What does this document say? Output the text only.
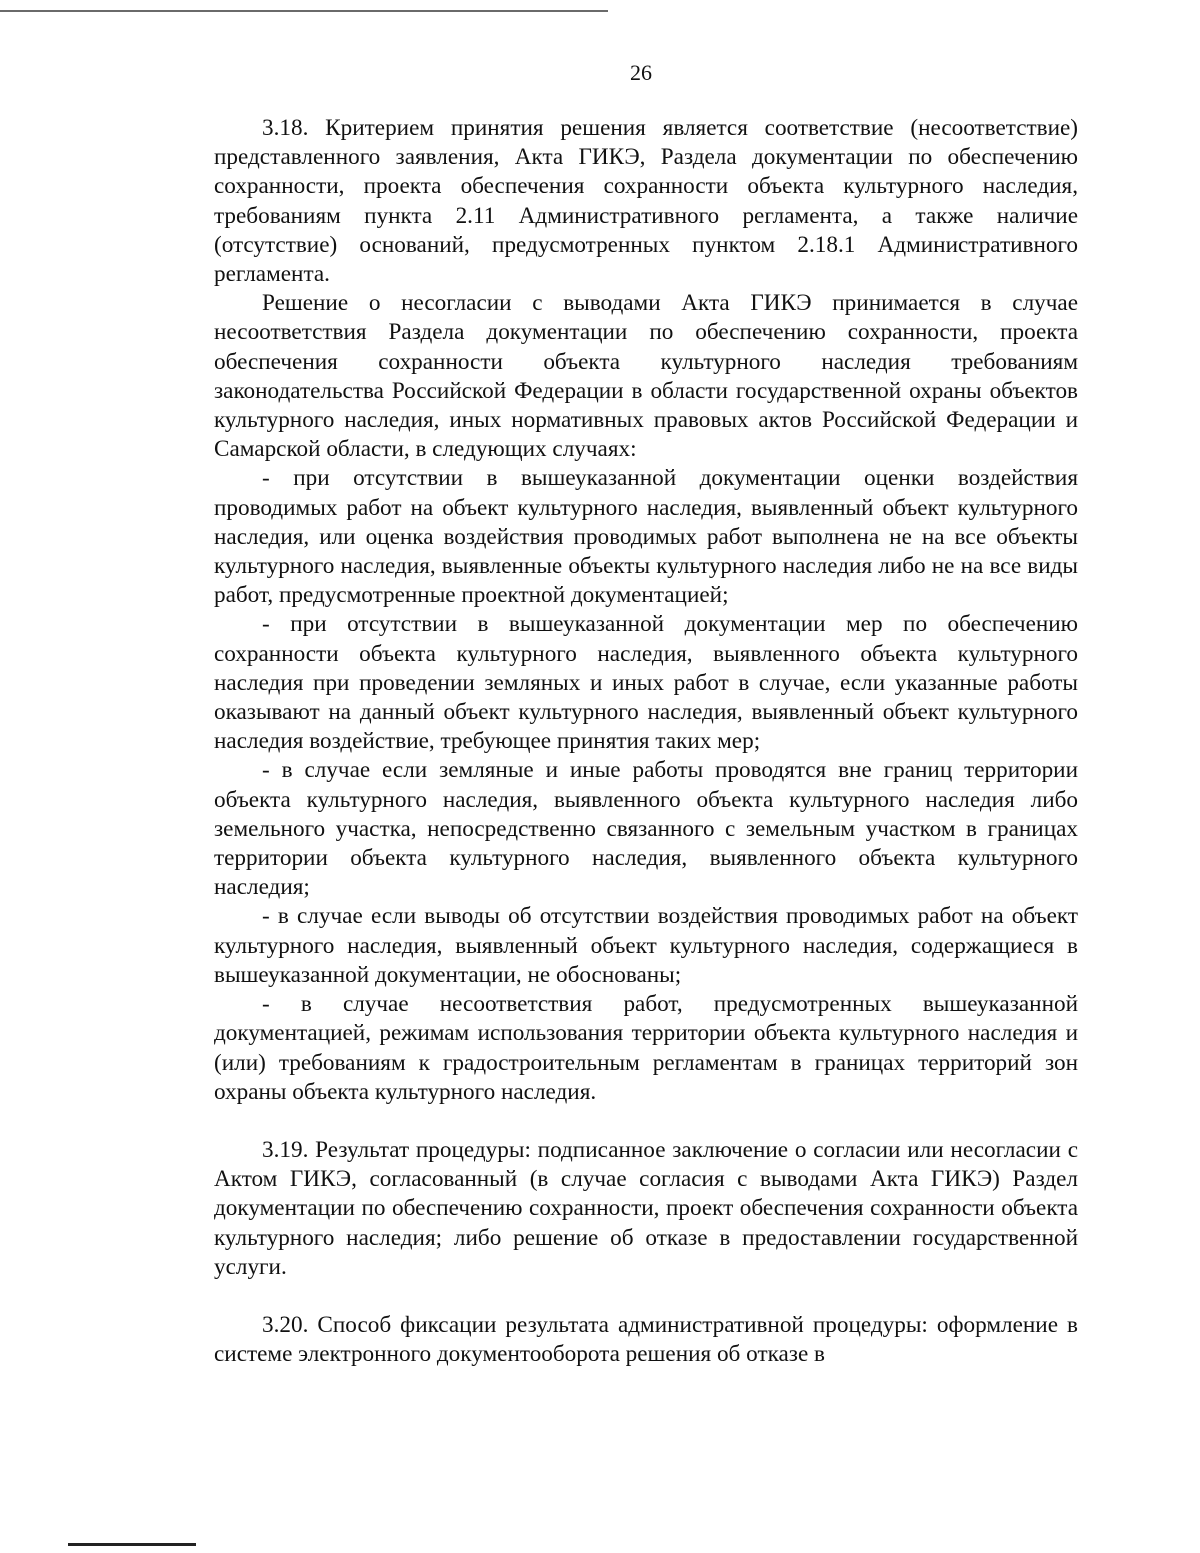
26

3.18. Критерием принятия решения является соответствие (несоответствие) представленного заявления, Акта ГИКЭ, Раздела документации по обеспечению сохранности, проекта обеспечения сохранности объекта культурного наследия, требованиям пункта 2.11 Административного регламента, а также наличие (отсутствие) оснований, предусмотренных пунктом 2.18.1 Административного регламента.

Решение о несогласии с выводами Акта ГИКЭ принимается в случае несоответствия Раздела документации по обеспечению сохранности, проекта обеспечения сохранности объекта культурного наследия требованиям законодательства Российской Федерации в области государственной охраны объектов культурного наследия, иных нормативных правовых актов Российской Федерации и Самарской области, в следующих случаях:

- при отсутствии в вышеуказанной документации оценки воздействия проводимых работ на объект культурного наследия, выявленный объект культурного наследия, или оценка воздействия проводимых работ выполнена не на все объекты культурного наследия, выявленные объекты культурного наследия либо не на все виды работ, предусмотренные проектной документацией;

- при отсутствии в вышеуказанной документации мер по обеспечению сохранности объекта культурного наследия, выявленного объекта культурного наследия при проведении земляных и иных работ в случае, если указанные работы оказывают на данный объект культурного наследия, выявленный объект культурного наследия воздействие, требующее принятия таких мер;

- в случае если земляные и иные работы проводятся вне границ территории объекта культурного наследия, выявленного объекта культурного наследия либо земельного участка, непосредственно связанного с земельным участком в границах территории объекта культурного наследия, выявленного объекта культурного наследия;

- в случае если выводы об отсутствии воздействия проводимых работ на объект культурного наследия, выявленный объект культурного наследия, содержащиеся в вышеуказанной документации, не обоснованы;

- в случае несоответствия работ, предусмотренных вышеуказанной документацией, режимам использования территории объекта культурного наследия и (или) требованиям к градостроительным регламентам в границах территорий зон охраны объекта культурного наследия.

3.19. Результат процедуры: подписанное заключение о согласии или несогласии с Актом ГИКЭ, согласованный (в случае согласия с выводами Акта ГИКЭ) Раздел документации по обеспечению сохранности, проект обеспечения сохранности объекта культурного наследия; либо решение об отказе в предоставлении государственной услуги.

3.20. Способ фиксации результата административной процедуры: оформление в системе электронного документооборота решения об отказе в
